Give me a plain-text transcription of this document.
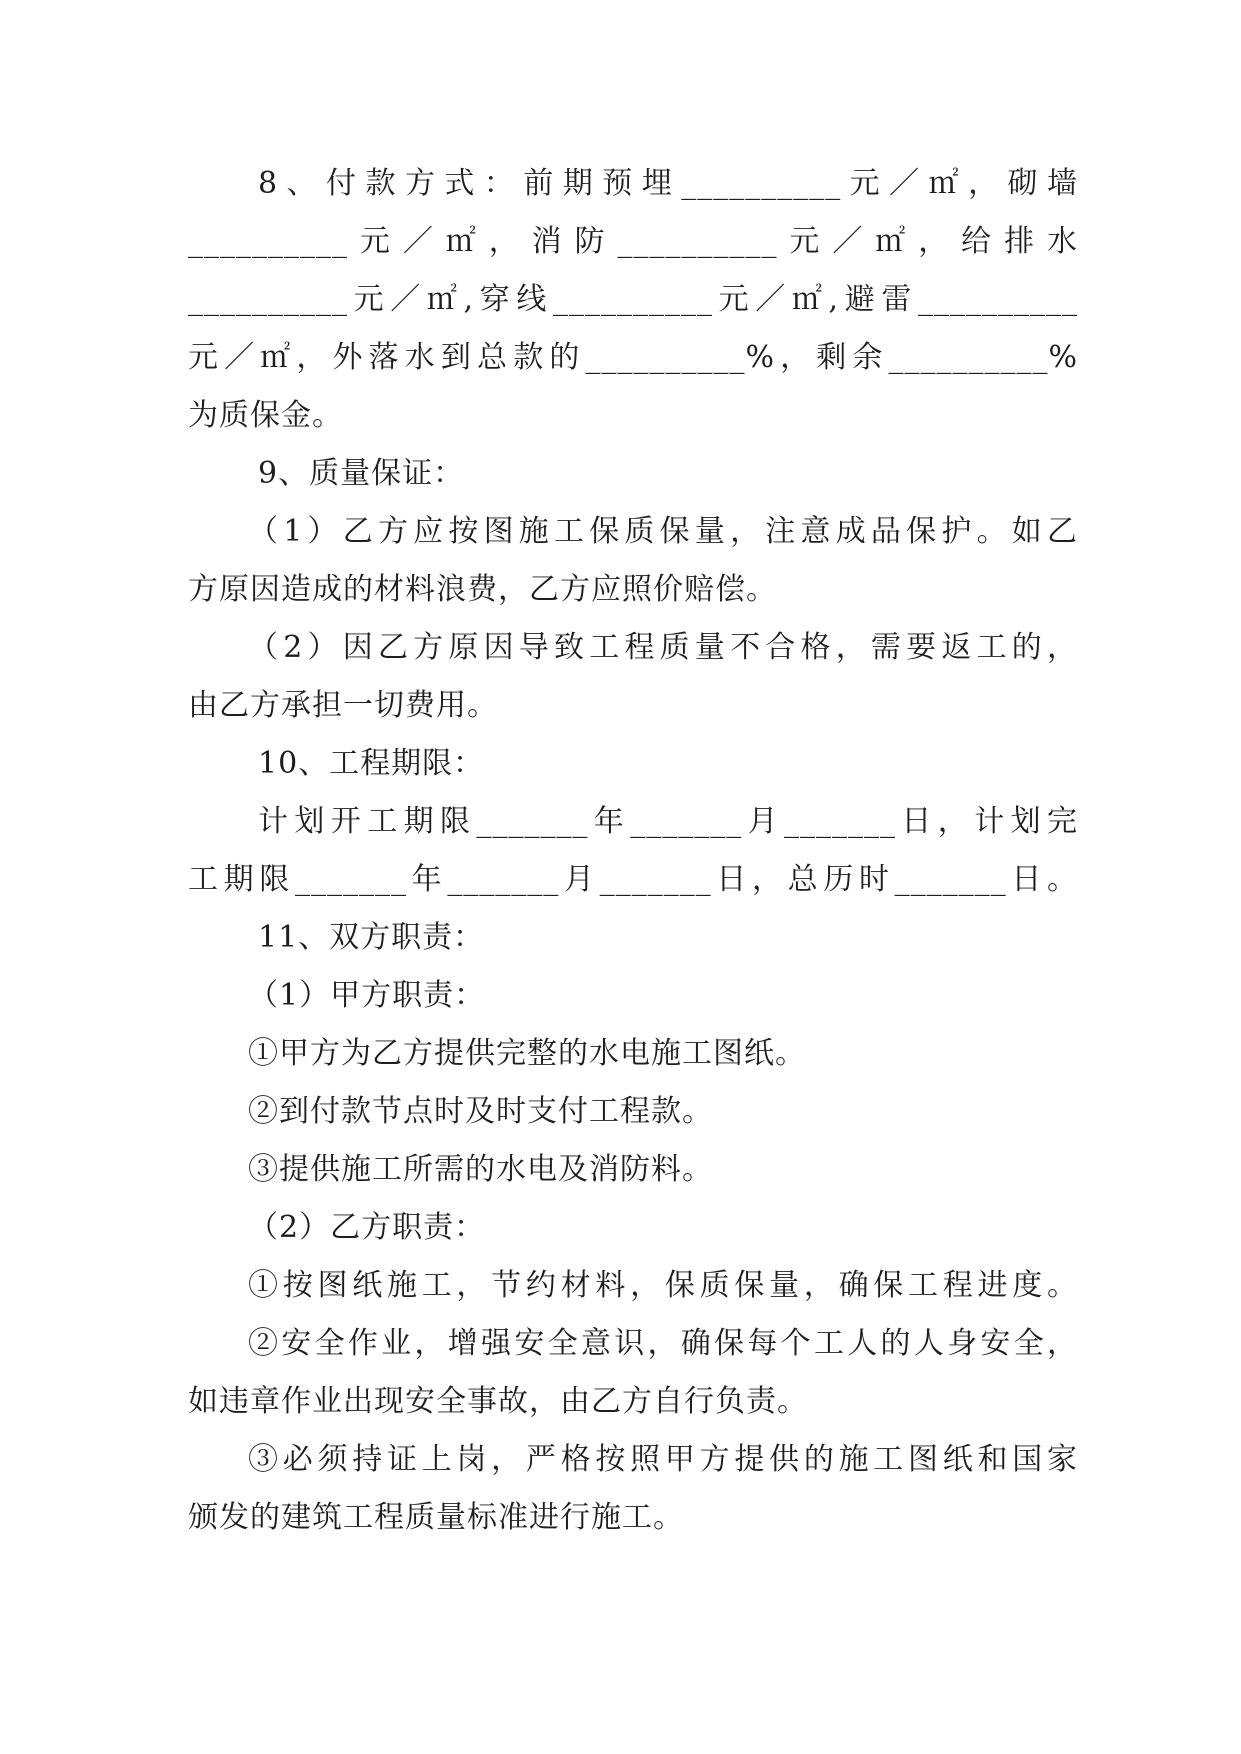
8、付款方式：前期预埋__________元／㎡，砌墙
__________元／㎡，消防__________元／㎡，给排水
__________元／㎡,穿线__________元／㎡,避雷__________
元／㎡，外落水到总款的__________%，剩余__________%
为质保金。
9、质量保证：
（1）乙方应按图施工保质保量，注意成品保护。如乙
方原因造成的材料浪费，乙方应照价赔偿。
（2）因乙方原因导致工程质量不合格，需要返工的，
由乙方承担一切费用。
10、工程期限：
计划开工期限_______年_______月_______日，计划完
工期限_______年_______月_______日，总历时_______日。
11、双方职责：
（1）甲方职责：
①甲方为乙方提供完整的水电施工图纸。
②到付款节点时及时支付工程款。
③提供施工所需的水电及消防料。
（2）乙方职责：
①按图纸施工，节约材料，保质保量，确保工程进度。
②安全作业，增强安全意识，确保每个工人的人身安全，
如违章作业出现安全事故，由乙方自行负责。
③必须持证上岗，严格按照甲方提供的施工图纸和国家
颁发的建筑工程质量标准进行施工。
